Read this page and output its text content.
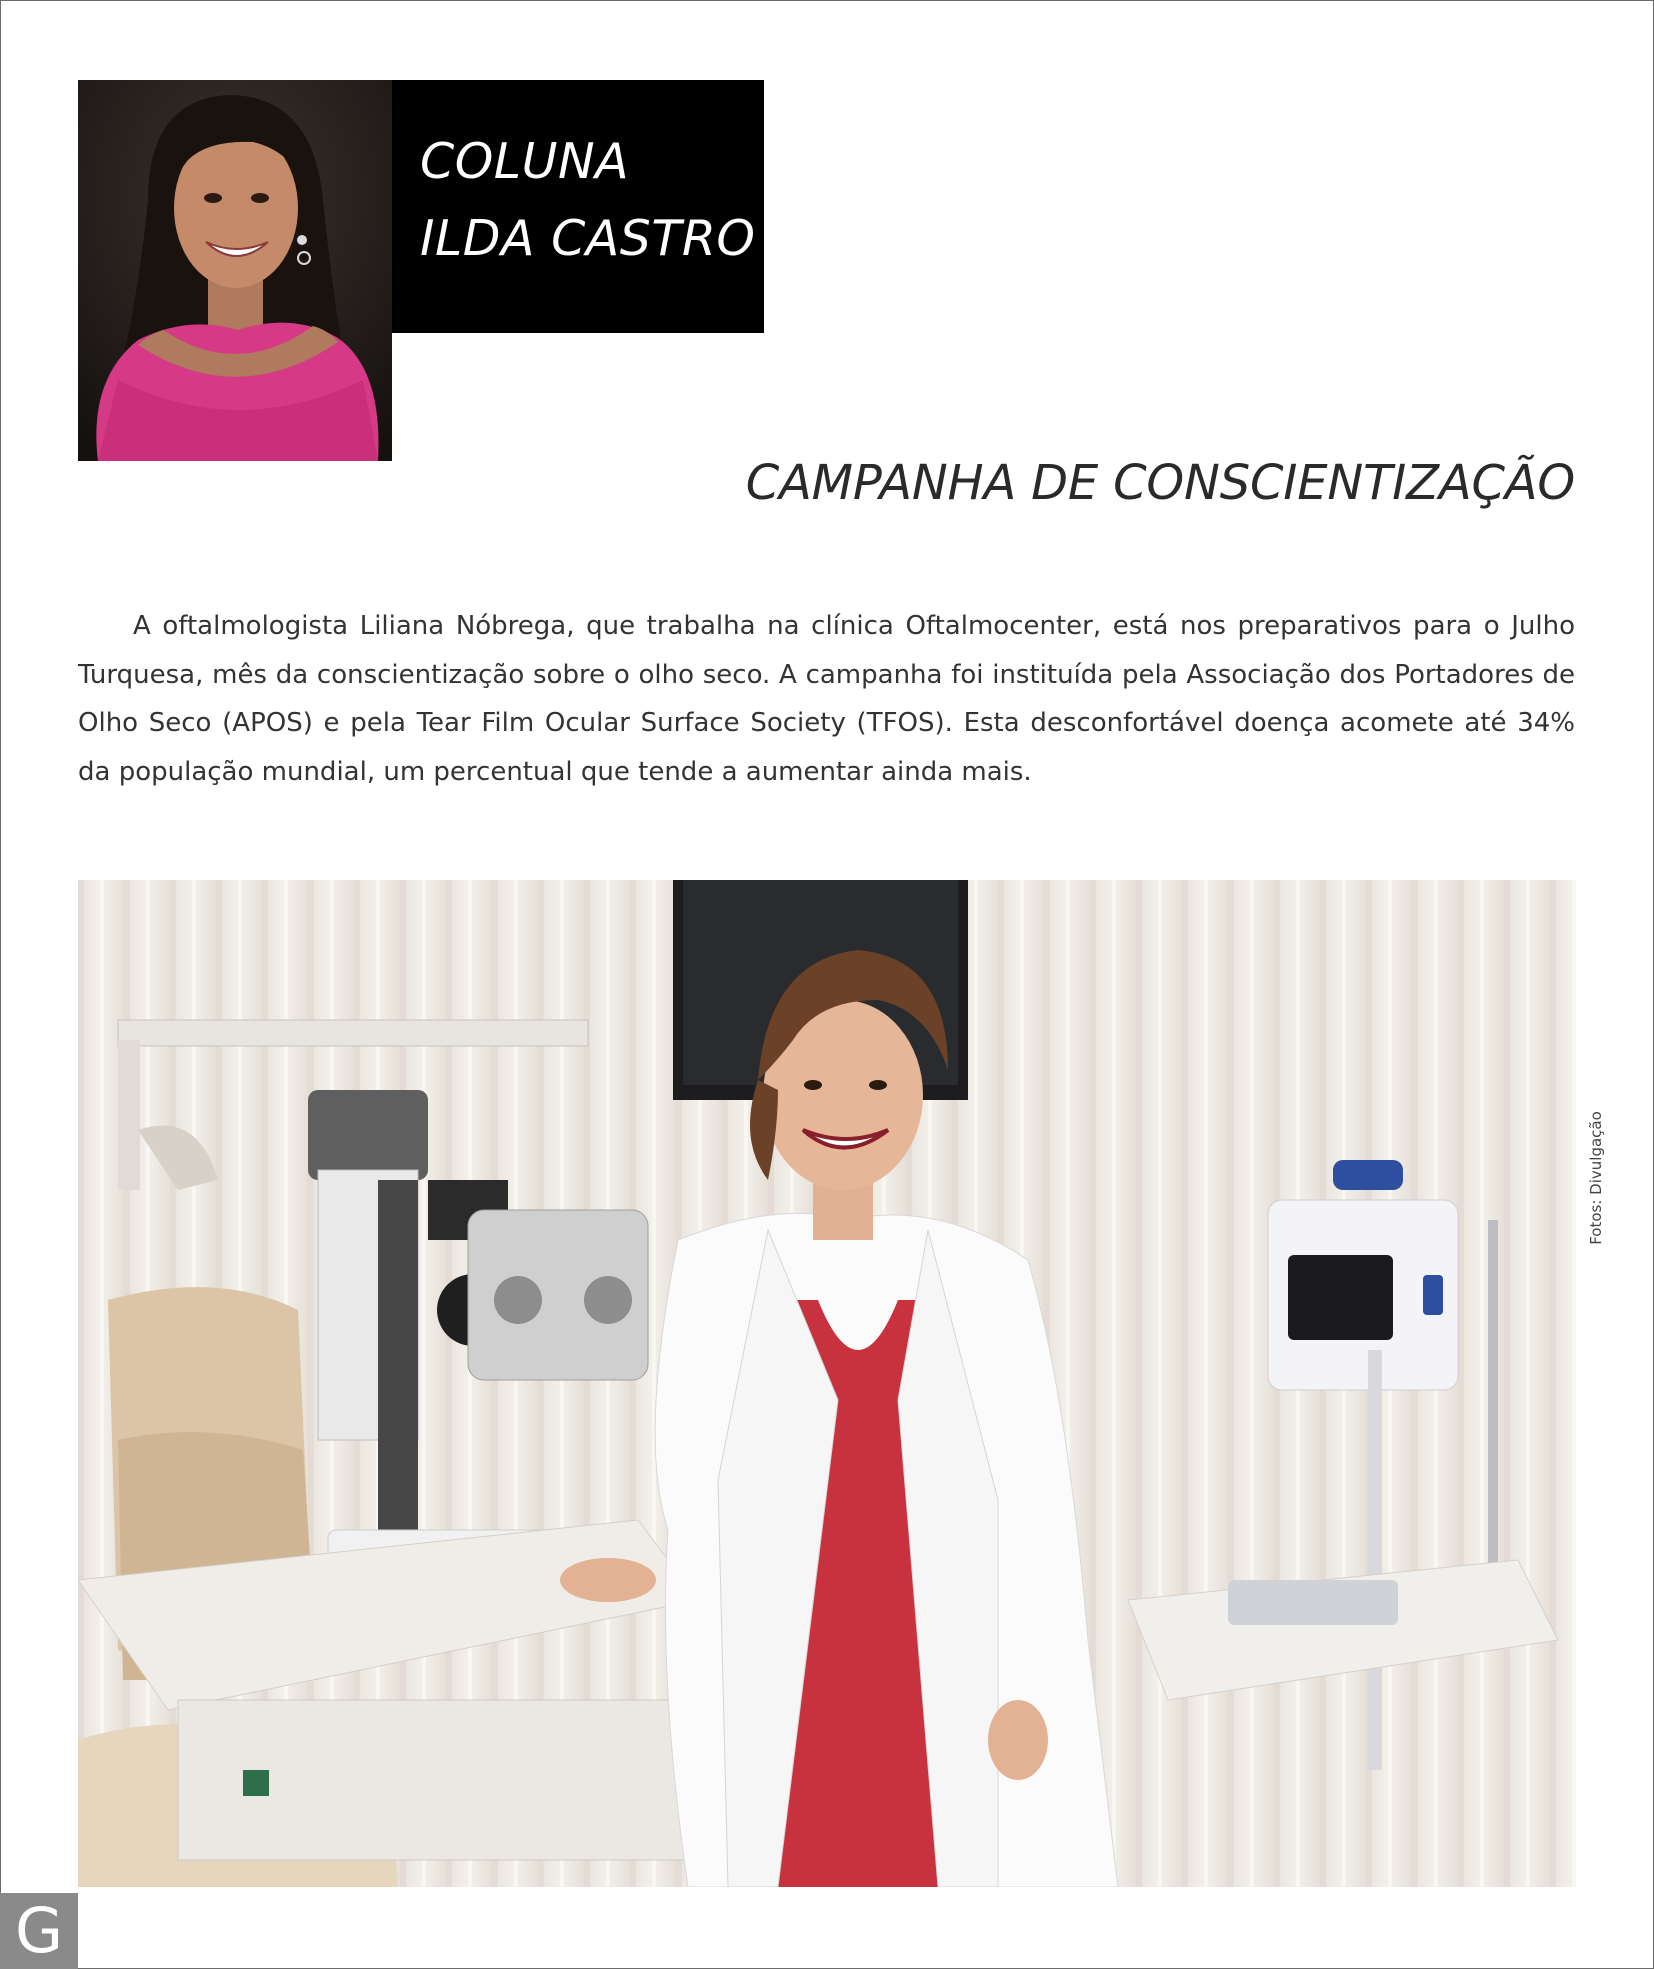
COLUNA
ILDA CASTRO
CAMPANHA DE CONSCIENTIZAÇÃO

A oftalmologista Liliana Nóbrega, que trabalha na clínica Oftalmocenter, está nos preparativos para o Julho Turquesa, mês da conscientização sobre o olho seco. A campanha foi instituída pela Associação dos Portadores de Olho Seco (APOS) e pela Tear Film Ocular Surface Society (TFOS). Esta desconfortável doença acomete até 34% da população mundial, um percentual que tende a aumentar ainda mais.

Fotos: Divulgação
G
